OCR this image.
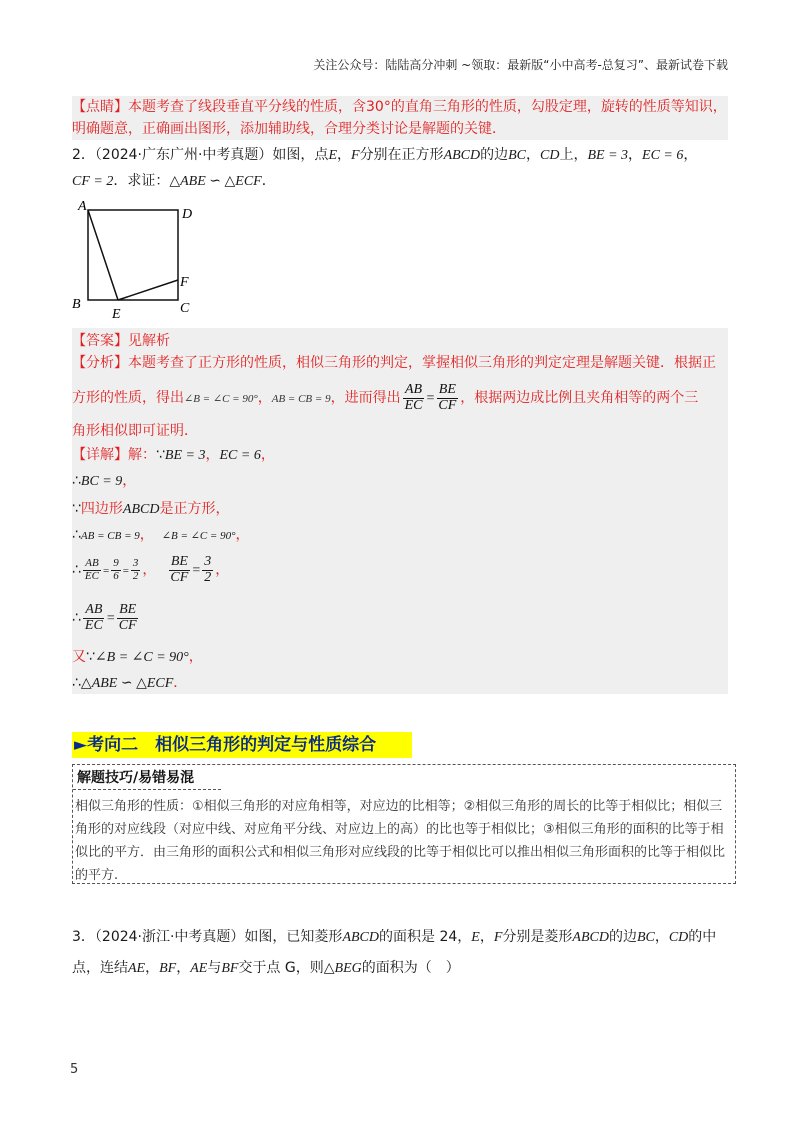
关注公众号：陆陆高分冲刺 ~领取：最新版“小中高考-总复习”、最新试卷下载
【点睛】本题考查了线段垂直平分线的性质，含30°的直角三角形的性质，勾股定理，旋转的性质等知识，
明确题意，正确画出图形，添加辅助线，合理分类讨论是解题的关键．
2．（2024·广东广州·中考真题）如图，点E，F分别在正方形ABCD的边BC，CD上，BE = 3，EC = 6，
CF = 2．求证：△ABE ∽ △ECF．
A
D
B	C
E
F
【答案】见解析
【分析】本题考查了正方形的性质，相似三角形的判定，掌握相似三角形的判定定理是解题关键．根据正
方形的性质，得出∠B = ∠C = 90°，AB = CB = 9，进而得出 $\frac{AB}{EC} = \frac{BE}{CF}$ ，根据两边成比例且夹角相等的两个三
角形相似即可证明．
【详解】解：∵BE = 3，EC = 6，
∴BC = 9，
∵四边形ABCD是正方形，
∴AB = CB = 9， ∠B = ∠C = 90°，
∴ $\frac{AB}{EC} = \frac{9}{6} = \frac{3}{2}$ ， $\frac{BE}{CF} = \frac{3}{2}$ ，
∴ $\frac{AB}{EC} = \frac{BE}{CF}$
又∵∠B = ∠C = 90°，
∴△ABE ∽ △ECF．
►考向二　相似三角形的判定与性质综合
解题技巧/易错易混
相似三角形的性质：①相似三角形的对应角相等，对应边的比相等；②相似三角形的周长的比等于相似比；相似三角形的对应线段（对应中线、对应角平分线、对应边上的高）的比也等于相似比；③相似三角形的面积的比等于相似比的平方．由三角形的面积公式和相似三角形对应线段的比等于相似比可以推出相似三角形面积的比等于相似比的平方.
3．（2024·浙江·中考真题）如图，已知菱形ABCD的面积是 24，E，F分别是菱形ABCD的边BC，CD的中点，连结AE，BF，AE与BF交于点 G，则△BEG的面积为（　）
5
